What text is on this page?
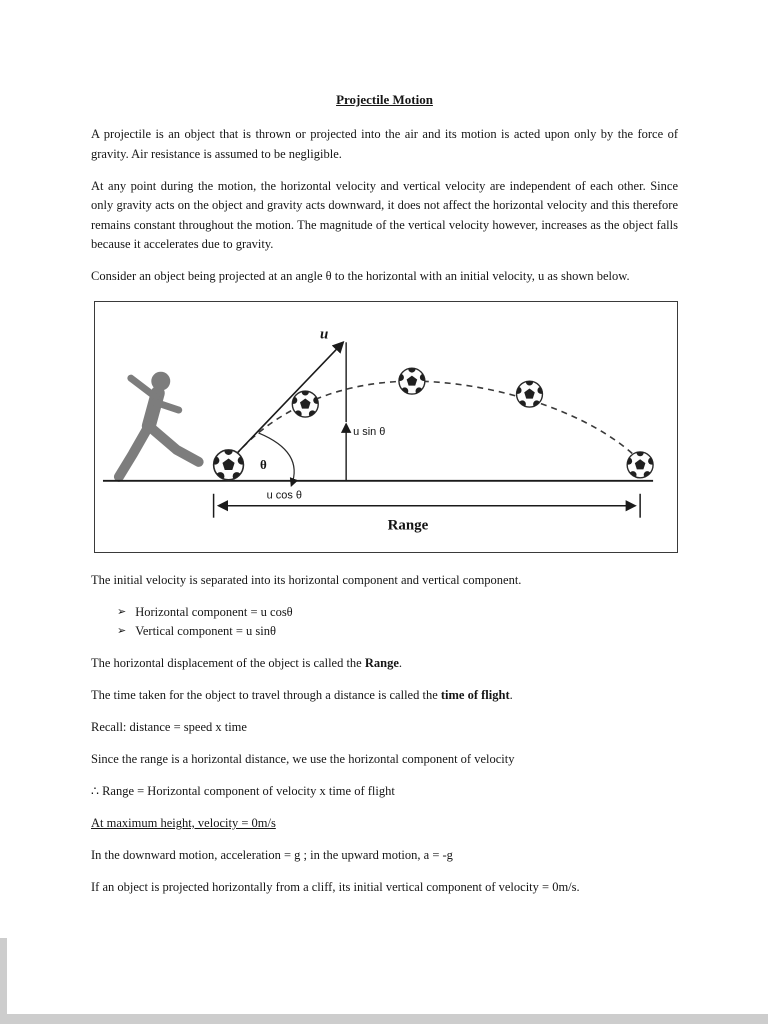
Projectile Motion

A projectile is an object that is thrown or projected into the air and its motion is acted upon only by the force of gravity. Air resistance is assumed to be negligible.

At any point during the motion, the horizontal velocity and vertical velocity are independent of each other. Since only gravity acts on the object and gravity acts downward, it does not affect the horizontal velocity and this therefore remains constant throughout the motion. The magnitude of the vertical velocity however, increases as the object falls because it accelerates due to gravity.

Consider an object being projected at an angle θ to the horizontal with an initial velocity, u as shown below.

u
u sin θ
θ
u cos θ
Range

The initial velocity is separated into its horizontal component and vertical component.

➢ Horizontal component = u cosθ
➢ Vertical component = u sinθ

The horizontal displacement of the object is called the Range.

The time taken for the object to travel through a distance is called the time of flight.

Recall: distance = speed x time

Since the range is a horizontal distance, we use the horizontal component of velocity

∴ Range = Horizontal component of velocity x time of flight

At maximum height, velocity = 0m/s

In the downward motion, acceleration = g ; in the upward motion, a = -g

If an object is projected horizontally from a cliff, its initial vertical component of velocity = 0m/s.
